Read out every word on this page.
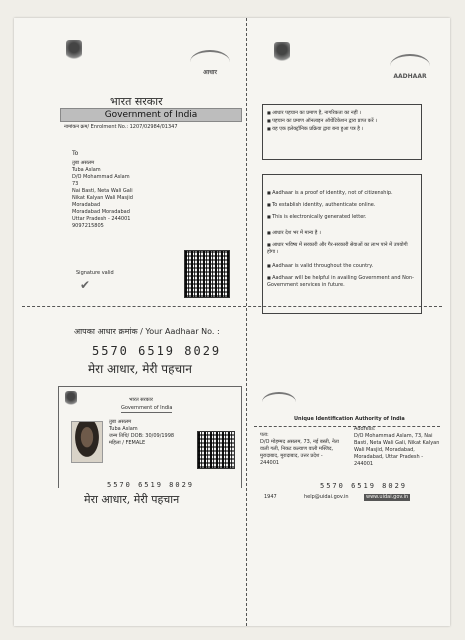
आधार
भारत सरकार
Government of India
नामांकन क्रम/ Enrolment No.: 1207/02984/01347
To
तुबा असलम
Tuba Aslam
D/O Mohammad Aslam
73
Nai Basti, Neta Wali Gali
Nikat Kalyan Wali Masjid
Moradabad
Moradabad Moradabad
Uttar Pradesh - 244001
9097215805
Signature valid
✔
AADHAAR
■ आधार पहचान का प्रमाण है, नागरिकता का नहीं ।
■ पहचान का प्रमाण ऑनलाइन ऑथेंटिकेशन द्वारा प्राप्त करें ।
■ यह एक इलेक्ट्रॉनिक प्रक्रिया द्वारा बना हुआ पत्र है ।
■ Aadhaar is a proof of identity, not of citizenship.
■ To establish identity, authenticate online.
■ This is electronically generated letter.
■ आधार देश भर में मान्य है ।
■ आधार भविष्य में सरकारी और गैर-सरकारी सेवाओं का लाभ पाने में उपयोगी होगा ।
■ Aadhaar is valid throughout the country.
■ Aadhaar will be helpful in availing Government and Non-Government services in future.
आपका आधार क्रमांक / Your Aadhaar No. :
5570 6519 8029
मेरा आधार, मेरी पहचान
भारत सरकार
Government of India
तुबा असलम
Tuba Aslam
जन्म तिथि/ DOB: 30/09/1998
महिला / FEMALE
5570 6519 8029
मेरा आधार, मेरी पहचान
Unique Identification Authority of India
पता:
D/O मोहम्मद असलम, 73, नई बस्ती, नेता वाली गली, निकट कल्याण वाली मस्जिद, मुरादाबाद, मुरादाबाद, उत्तर प्रदेश - 244001
Address:
D/O Mohammad Aslam, 73, Nai Basti, Neta Wali Gali, Nikat Kalyan Wali Masjid, Moradabad, Moradabad, Uttar Pradesh - 244001
5570 6519 8029
1947	help@uidai.gov.in	www.uidai.gov.in
